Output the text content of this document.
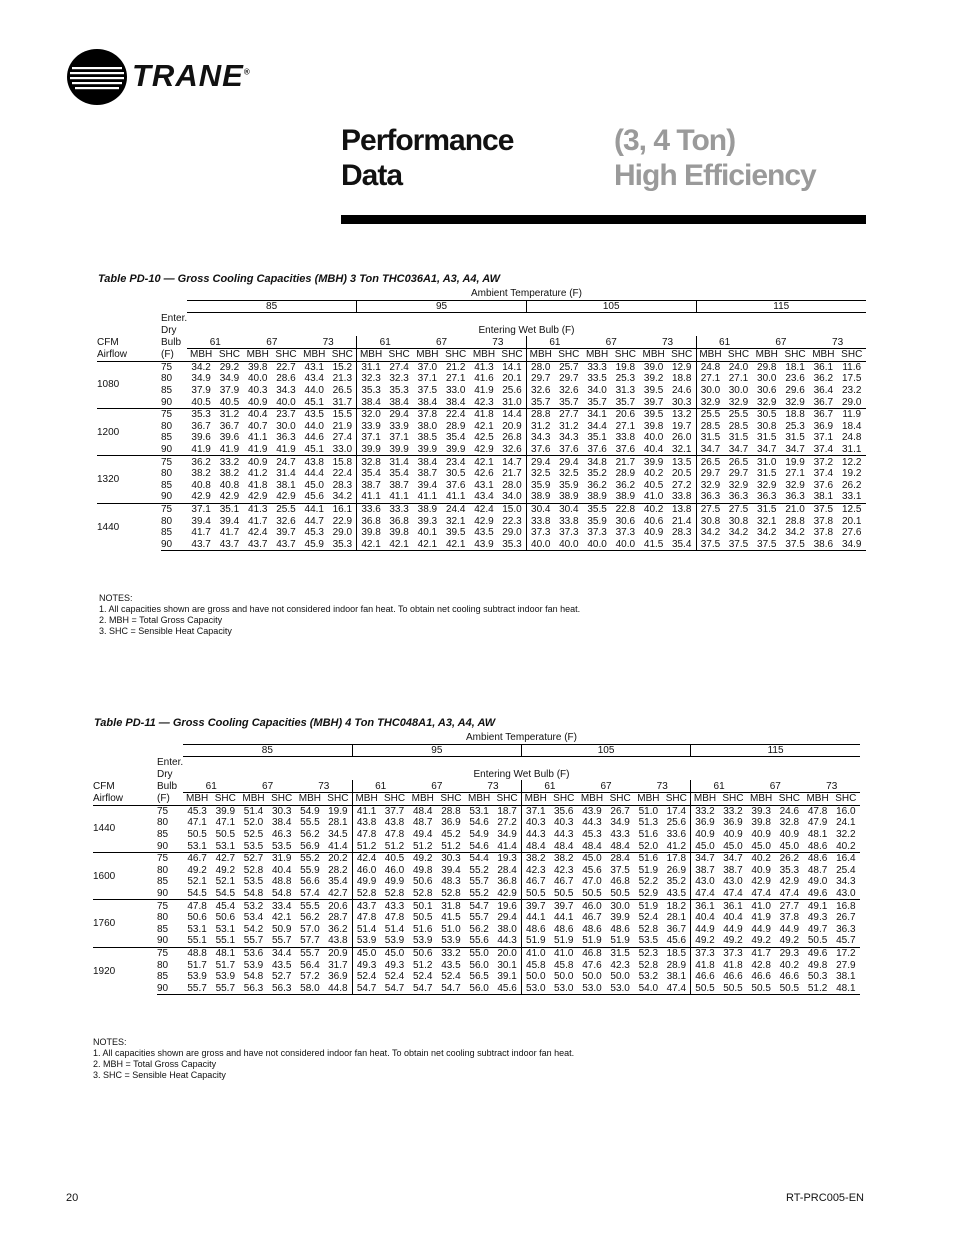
TRANE®
Performance
Data
(3, 4 Ton)
High Efficiency
Table PD-10 — Gross Cooling Capacities (MBH) 3 Ton THC036A1, A3, A4, AW
		Ambient Temperature (F)																							
		85						95						105						115					
	Enter.																								
	Dry	Entering Wet Bulb (F)																							
CFM	Bulb	61		67		73		61		67		73		61		67		73		61		67		73	
Airflow	(F)	MBH	SHC	MBH	SHC	MBH	SHC	MBH	SHC	MBH	SHC	MBH	SHC	MBH	SHC	MBH	SHC	MBH	SHC	MBH	SHC	MBH	SHC	MBH	SHC
1080	75	34.2	29.2	39.8	22.7	43.1	15.2	31.1	27.4	37.0	21.2	41.3	14.1	28.0	25.7	33.3	19.8	39.0	12.9	24.8	24.0	29.8	18.1	36.1	11.6
	80	34.9	34.9	40.0	28.6	43.4	21.3	32.3	32.3	37.1	27.1	41.6	20.1	29.7	29.7	33.5	25.3	39.2	18.8	27.1	27.1	30.0	23.6	36.2	17.5
	85	37.9	37.9	40.3	34.3	44.0	26.5	35.3	35.3	37.5	33.0	41.9	25.6	32.6	32.6	34.0	31.3	39.5	24.6	30.0	30.0	30.6	29.6	36.4	23.2
	90	40.5	40.5	40.9	40.0	45.1	31.7	38.4	38.4	38.4	38.4	42.3	31.0	35.7	35.7	35.7	35.7	39.7	30.3	32.9	32.9	32.9	32.9	36.7	29.0
1200	75	35.3	31.2	40.4	23.7	43.5	15.5	32.0	29.4	37.8	22.4	41.8	14.4	28.8	27.7	34.1	20.6	39.5	13.2	25.5	25.5	30.5	18.8	36.7	11.9
	80	36.7	36.7	40.7	30.0	44.0	21.9	33.9	33.9	38.0	28.9	42.1	20.9	31.2	31.2	34.4	27.1	39.8	19.7	28.5	28.5	30.8	25.3	36.9	18.4
	85	39.6	39.6	41.1	36.3	44.6	27.4	37.1	37.1	38.5	35.4	42.5	26.8	34.3	34.3	35.1	33.8	40.0	26.0	31.5	31.5	31.5	31.5	37.1	24.8
	90	41.9	41.9	41.9	41.9	45.1	33.0	39.9	39.9	39.9	39.9	42.9	32.6	37.6	37.6	37.6	37.6	40.4	32.1	34.7	34.7	34.7	34.7	37.4	31.1
1320	75	36.2	33.2	40.9	24.7	43.8	15.8	32.8	31.4	38.4	23.4	42.1	14.7	29.4	29.4	34.8	21.7	39.9	13.5	26.5	26.5	31.0	19.9	37.2	12.2
	80	38.2	38.2	41.2	31.4	44.4	22.4	35.4	35.4	38.7	30.5	42.6	21.7	32.5	32.5	35.2	28.9	40.2	20.5	29.7	29.7	31.5	27.1	37.4	19.2
	85	40.8	40.8	41.8	38.1	45.0	28.3	38.7	38.7	39.4	37.6	43.1	28.0	35.9	35.9	36.2	36.2	40.5	27.2	32.9	32.9	32.9	32.9	37.6	26.2
	90	42.9	42.9	42.9	42.9	45.6	34.2	41.1	41.1	41.1	41.1	43.4	34.0	38.9	38.9	38.9	38.9	41.0	33.8	36.3	36.3	36.3	36.3	38.1	33.1
1440	75	37.1	35.1	41.3	25.5	44.1	16.1	33.6	33.3	38.9	24.4	42.4	15.0	30.4	30.4	35.5	22.8	40.2	13.8	27.5	27.5	31.5	21.0	37.5	12.5
	80	39.4	39.4	41.7	32.6	44.7	22.9	36.8	36.8	39.3	32.1	42.9	22.3	33.8	33.8	35.9	30.6	40.6	21.4	30.8	30.8	32.1	28.8	37.8	20.1
	85	41.7	41.7	42.4	39.7	45.3	29.0	39.8	39.8	40.1	39.5	43.5	29.0	37.3	37.3	37.3	37.3	40.9	28.3	34.2	34.2	34.2	34.2	37.8	27.6
	90	43.7	43.7	43.7	43.7	45.9	35.3	42.1	42.1	42.1	42.1	43.9	35.3	40.0	40.0	40.0	40.0	41.5	35.4	37.5	37.5	37.5	37.5	38.6	34.9
NOTES:
1. All capacities shown are gross and have not considered indoor fan heat. To obtain net cooling subtract indoor fan heat.
2. MBH = Total Gross Capacity
3. SHC = Sensible Heat Capacity
Table PD-11 — Gross Cooling Capacities (MBH) 4 Ton THC048A1, A3, A4, AW
		Ambient Temperature (F)																							
		85						95						105						115					
	Enter.																								
	Dry	Entering Wet Bulb (F)																							
CFM	Bulb	61		67		73		61		67		73		61		67		73		61		67		73	
Airflow	(F)	MBH	SHC	MBH	SHC	MBH	SHC	MBH	SHC	MBH	SHC	MBH	SHC	MBH	SHC	MBH	SHC	MBH	SHC	MBH	SHC	MBH	SHC	MBH	SHC
1440	75	45.3	39.9	51.4	30.3	54.9	19.9	41.1	37.7	48.4	28.8	53.1	18.7	37.1	35.6	43.9	26.7	51.0	17.4	33.2	33.2	39.3	24.6	47.8	16.0
	80	47.1	47.1	52.0	38.4	55.5	28.1	43.8	43.8	48.7	36.9	54.6	27.2	40.3	40.3	44.3	34.9	51.3	25.6	36.9	36.9	39.8	32.8	47.9	24.1
	85	50.5	50.5	52.5	46.3	56.2	34.5	47.8	47.8	49.4	45.2	54.9	34.9	44.3	44.3	45.3	43.3	51.6	33.6	40.9	40.9	40.9	40.9	48.1	32.2
	90	53.1	53.1	53.5	53.5	56.9	41.4	51.2	51.2	51.2	51.2	54.6	41.4	48.4	48.4	48.4	48.4	52.0	41.2	45.0	45.0	45.0	45.0	48.6	40.2
1600	75	46.7	42.7	52.7	31.9	55.2	20.2	42.4	40.5	49.2	30.3	54.4	19.3	38.2	38.2	45.0	28.4	51.6	17.8	34.7	34.7	40.2	26.2	48.6	16.4
	80	49.2	49.2	52.8	40.4	55.9	28.2	46.0	46.0	49.8	39.4	55.2	28.4	42.3	42.3	45.6	37.5	51.9	26.9	38.7	38.7	40.9	35.3	48.7	25.4
	85	52.1	52.1	53.5	48.8	56.6	35.4	49.9	49.9	50.6	48.3	55.7	36.8	46.7	46.7	47.0	46.8	52.2	35.2	43.0	43.0	42.9	42.9	49.0	34.3
	90	54.5	54.5	54.8	54.8	57.4	42.7	52.8	52.8	52.8	52.8	55.2	42.9	50.5	50.5	50.5	50.5	52.9	43.5	47.4	47.4	47.4	47.4	49.6	43.0
1760	75	47.8	45.4	53.2	33.4	55.5	20.6	43.7	43.3	50.1	31.8	54.7	19.6	39.7	39.7	46.0	30.0	51.9	18.2	36.1	36.1	41.0	27.7	49.1	16.8
	80	50.6	50.6	53.4	42.1	56.2	28.7	47.8	47.8	50.5	41.5	55.7	29.4	44.1	44.1	46.7	39.9	52.4	28.1	40.4	40.4	41.9	37.8	49.3	26.7
	85	53.1	53.1	54.2	50.9	57.0	36.2	51.4	51.4	51.6	51.0	56.2	38.0	48.6	48.6	48.6	48.6	52.8	36.7	44.9	44.9	44.9	44.9	49.7	36.3
	90	55.1	55.1	55.7	55.7	57.7	43.8	53.9	53.9	53.9	53.9	55.6	44.3	51.9	51.9	51.9	51.9	53.5	45.6	49.2	49.2	49.2	49.2	50.5	45.7
1920	75	48.8	48.1	53.6	34.4	55.7	20.9	45.0	45.0	50.6	33.2	55.0	20.0	41.0	41.0	46.8	31.5	52.3	18.5	37.3	37.3	41.7	29.3	49.6	17.2
	80	51.7	51.7	53.9	43.5	56.4	31.7	49.3	49.3	51.2	43.5	56.0	30.1	45.8	45.8	47.6	42.3	52.8	28.9	41.8	41.8	42.8	40.2	49.8	27.9
	85	53.9	53.9	54.8	52.7	57.2	36.9	52.4	52.4	52.4	52.4	56.5	39.1	50.0	50.0	50.0	50.0	53.2	38.1	46.6	46.6	46.6	46.6	50.3	38.1
	90	55.7	55.7	56.3	56.3	58.0	44.8	54.7	54.7	54.7	54.7	56.0	45.6	53.0	53.0	53.0	53.0	54.0	47.4	50.5	50.5	50.5	50.5	51.2	48.1
NOTES:
1. All capacities shown are gross and have not considered indoor fan heat. To obtain net cooling subtract indoor fan heat.
2. MBH = Total Gross Capacity
3. SHC = Sensible Heat Capacity
20	RT-PRC005-EN
